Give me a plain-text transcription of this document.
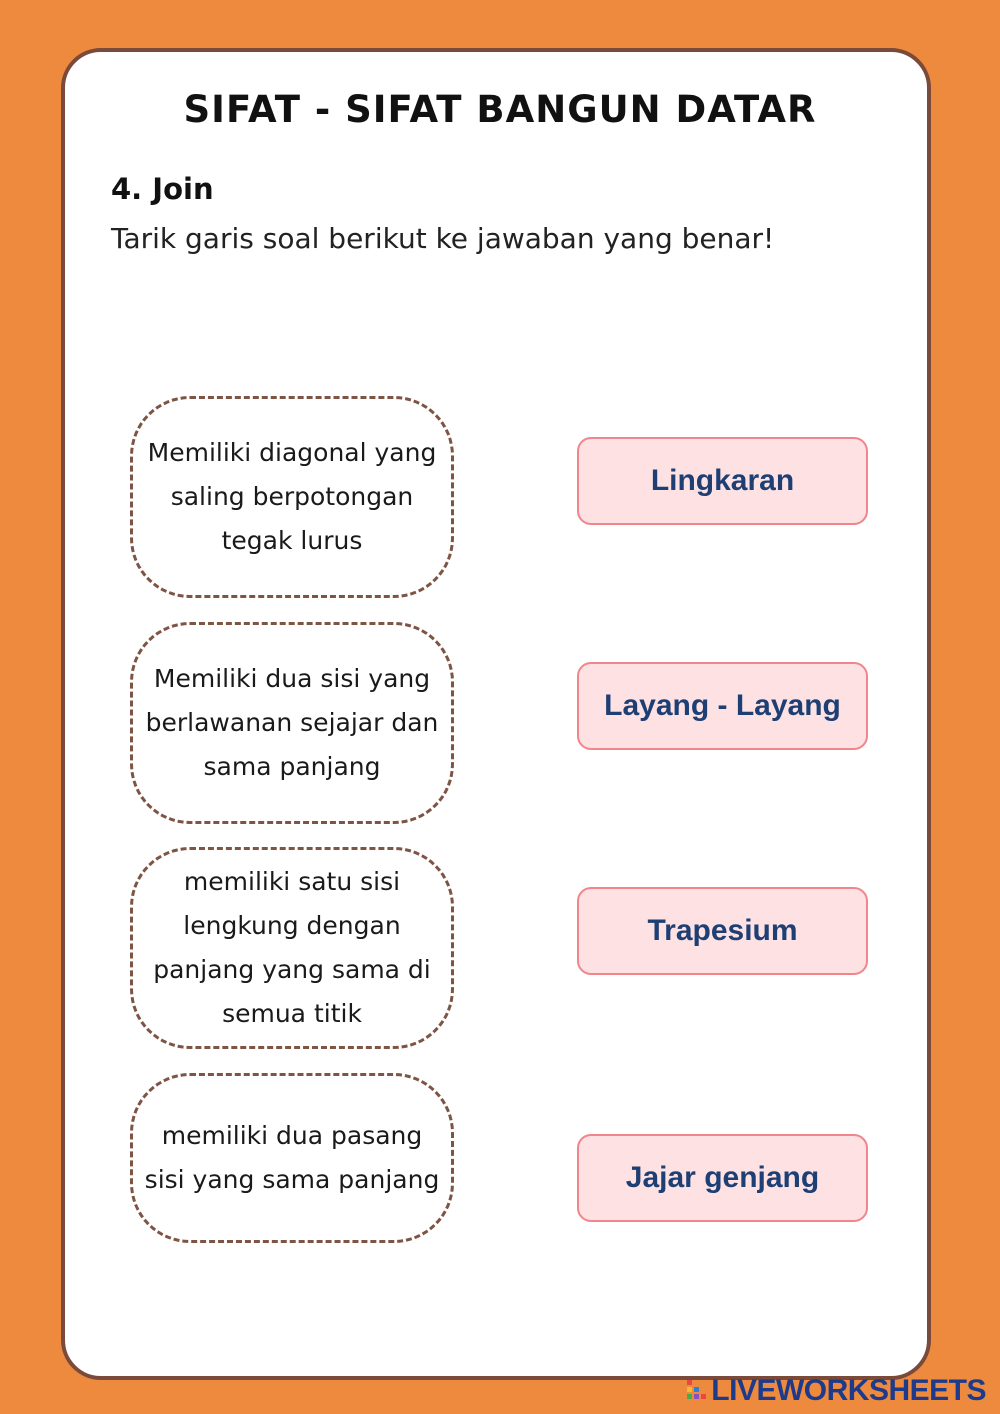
SIFAT - SIFAT BANGUN DATAR
4. Join
Tarik garis soal berikut ke jawaban yang benar!
Memiliki diagonal yang saling berpotongan tegak lurus
Memiliki dua sisi yang berlawanan sejajar dan sama panjang
memiliki satu sisi lengkung dengan panjang yang sama di semua titik
memiliki dua pasang sisi yang sama panjang
Lingkaran
Layang - Layang
Trapesium
Jajar genjang
LIVEWORKSHEETS
